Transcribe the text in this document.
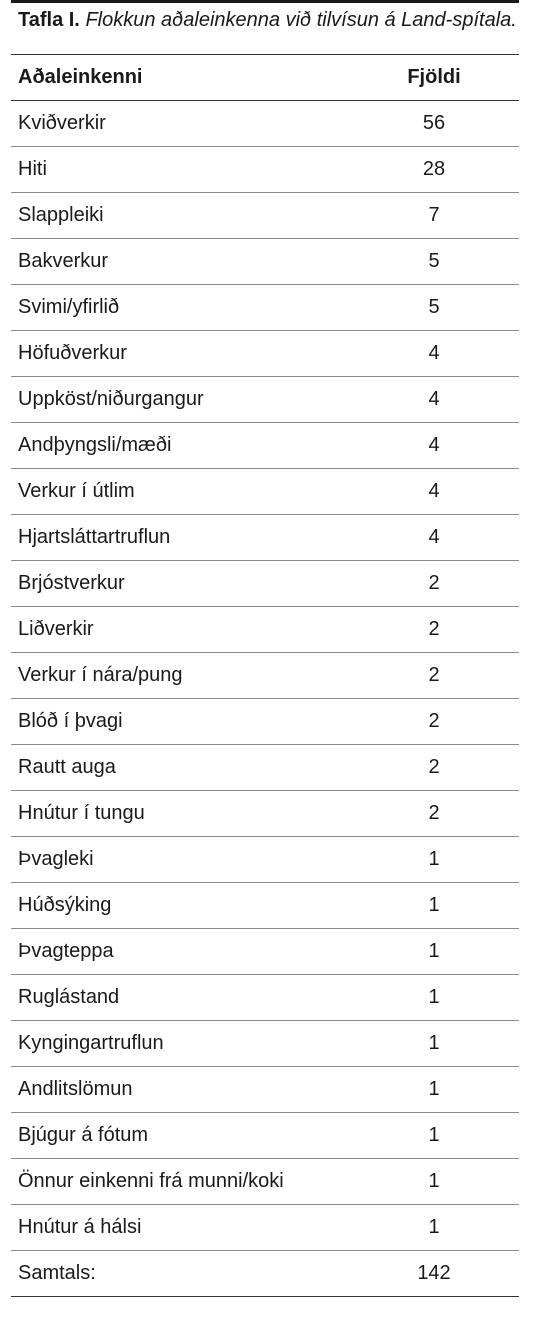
Tafla I. Flokkun aðaleinkenna við tilvísun á Land-spítala.
Aðaleinkenni	Fjöldi
Kviðverkir	56
Hiti	28
Slappleiki	7
Bakverkur	5
Svimi/yfirlið	5
Höfuðverkur	4
Uppköst/niðurgangur	4
Andþyngsli/mæði	4
Verkur í útlim	4
Hjartsláttartruflun	4
Brjóstverkur	2
Liðverkir	2
Verkur í nára/pung	2
Blóð í þvagi	2
Rautt auga	2
Hnútur í tungu	2
Þvagleki	1
Húðsýking	1
Þvagteppa	1
Ruglástand	1
Kyngingartruflun	1
Andlitslömun	1
Bjúgur á fótum	1
Önnur einkenni frá munni/koki	1
Hnútur á hálsi	1
Samtals:	142
